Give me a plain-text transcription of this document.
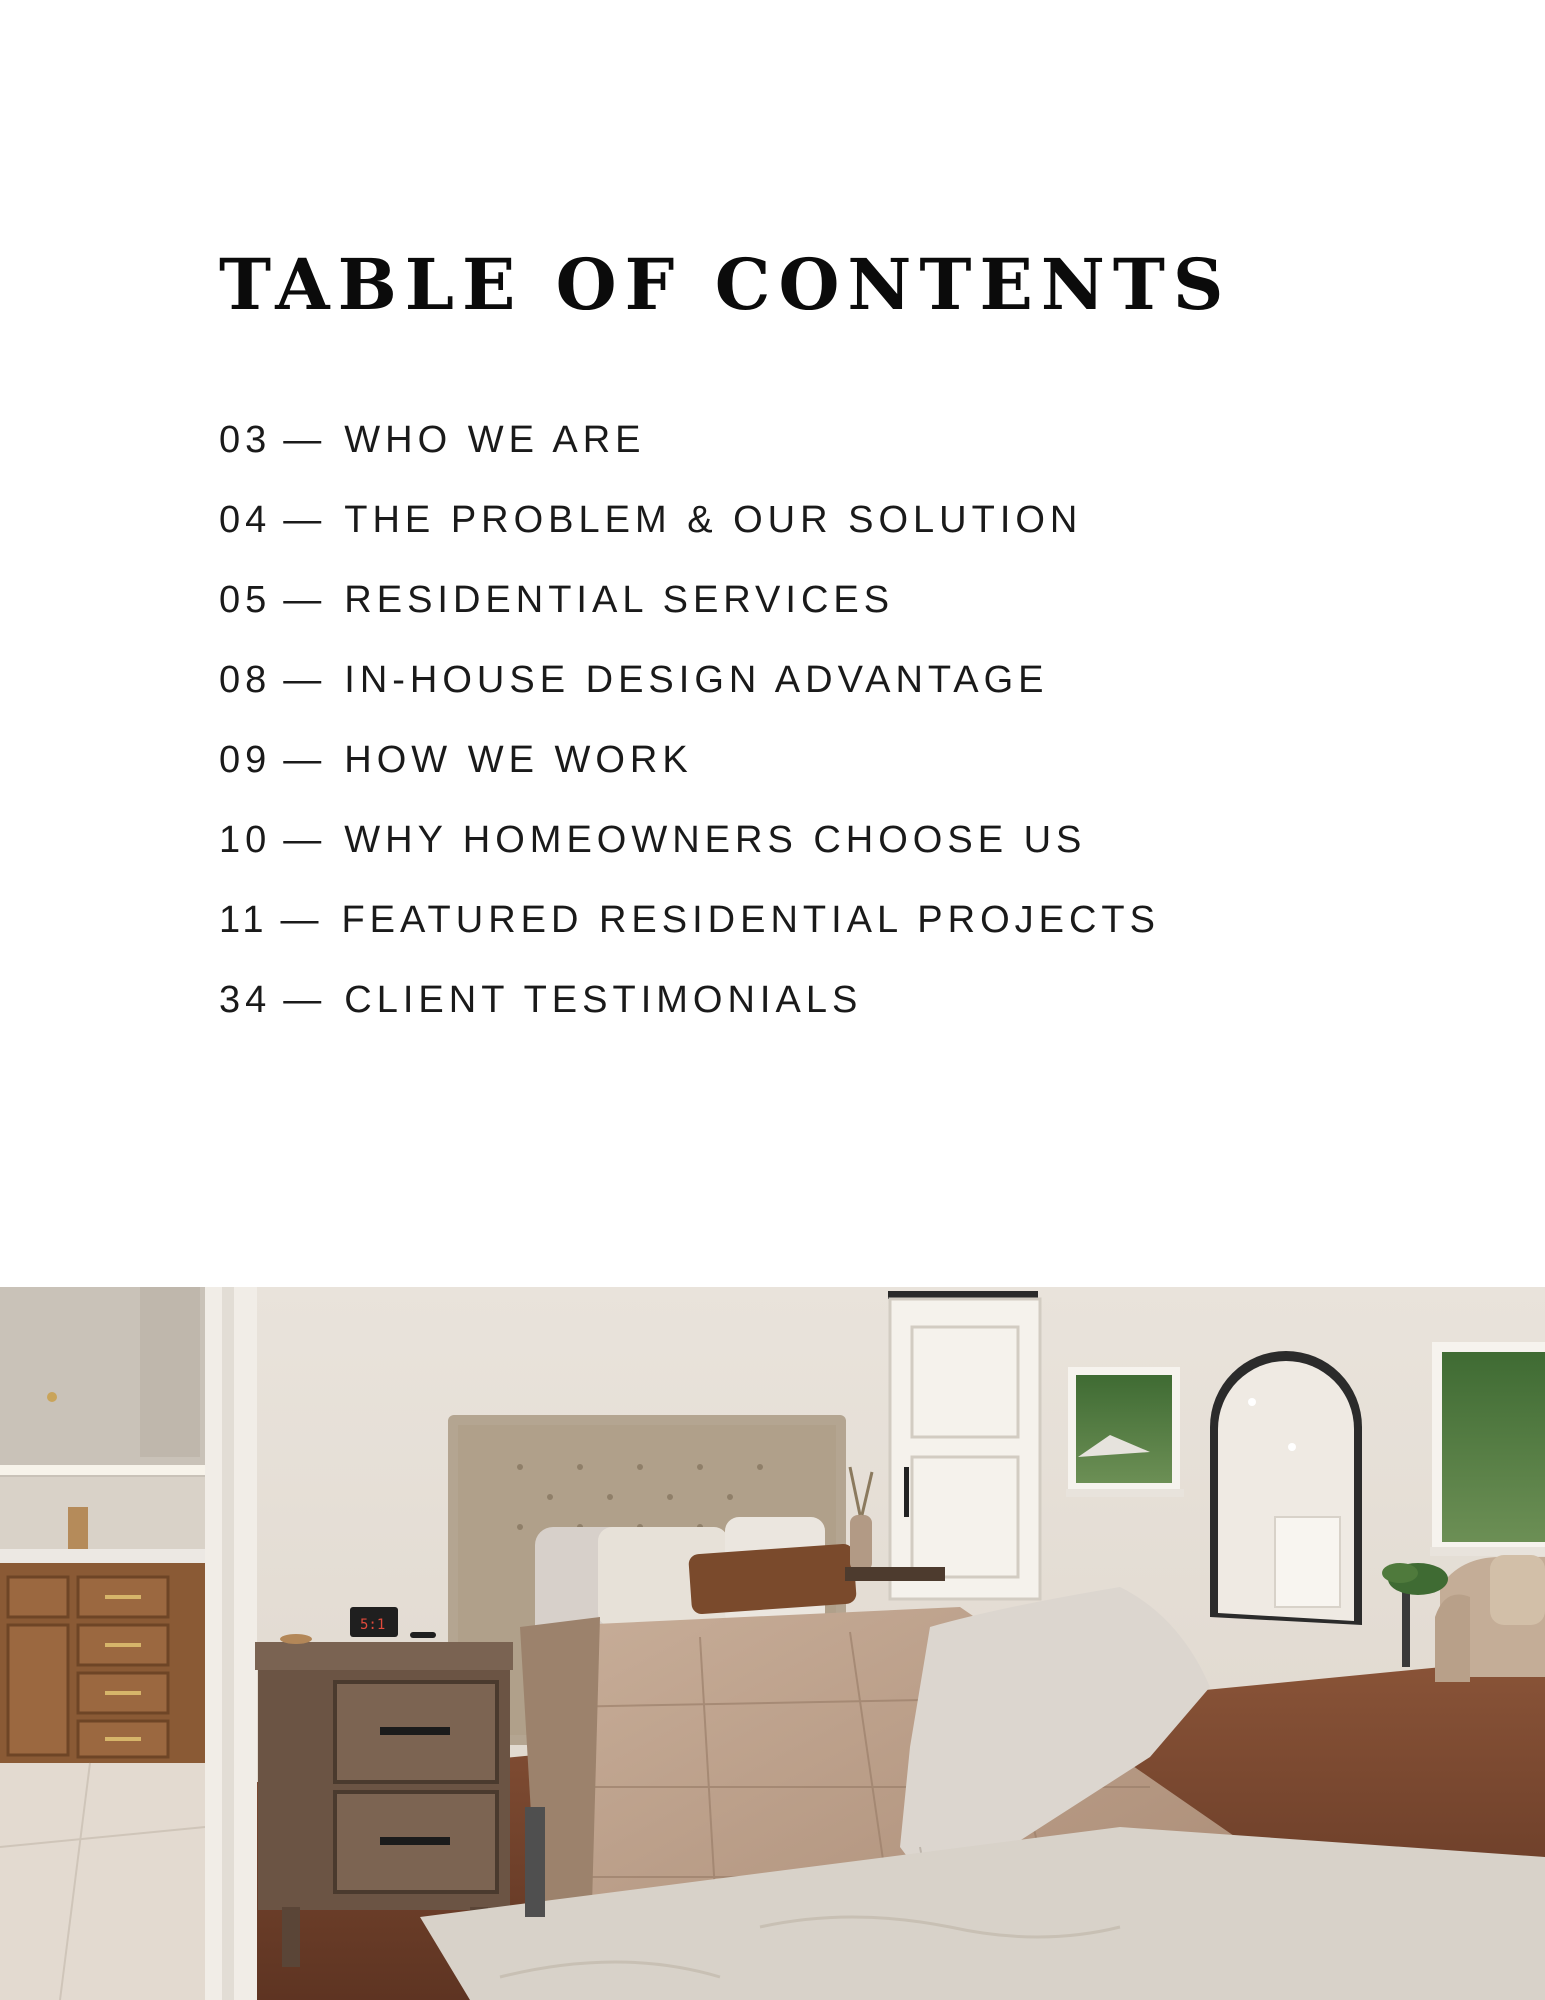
TABLE OF CONTENTS
03 — WHO WE ARE
04 — THE PROBLEM & OUR SOLUTION
05 — RESIDENTIAL SERVICES
08 — IN-HOUSE DESIGN ADVANTAGE
09 — HOW WE WORK
10 — WHY HOMEOWNERS CHOOSE US
11 — FEATURED RESIDENTIAL PROJECTS
34 — CLIENT TESTIMONIALS
5:1
